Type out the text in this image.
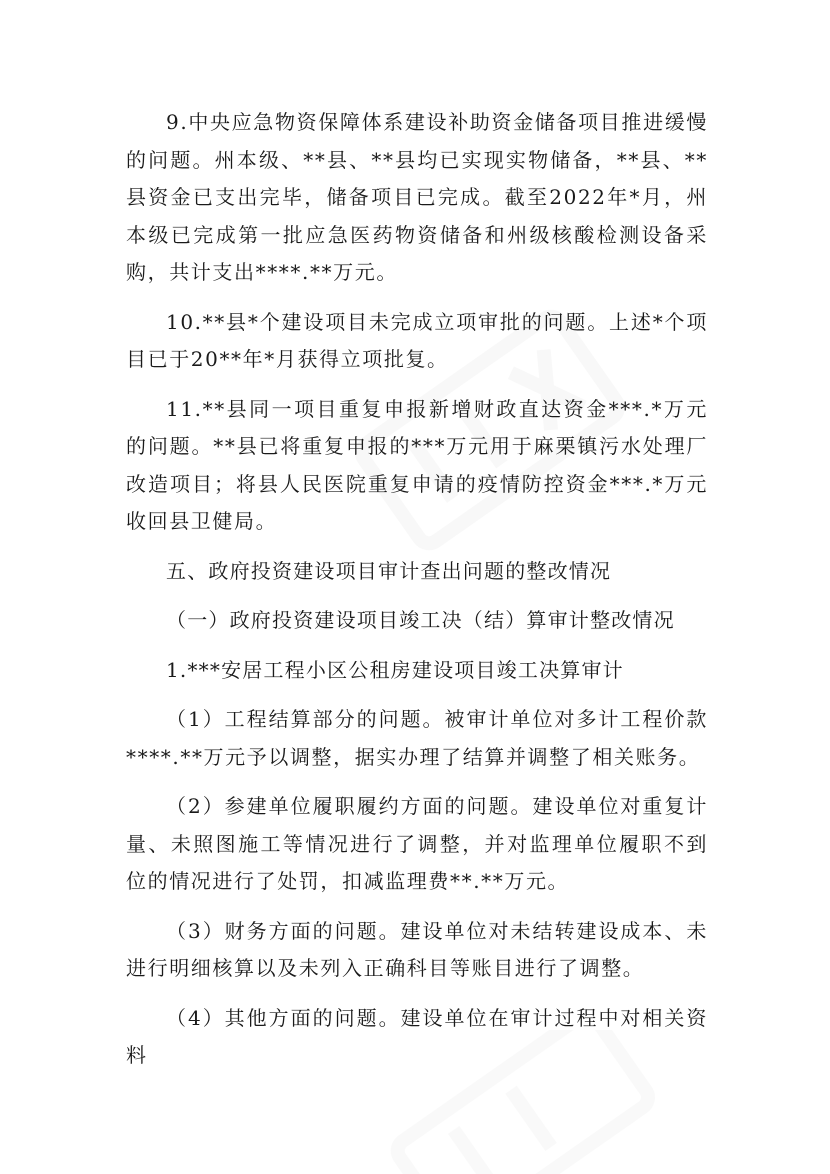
9.中央应急物资保障体系建设补助资金储备项目推进缓慢的问题。州本级、**县、**县均已实现实物储备，**县、**县资金已支出完毕，储备项目已完成。截至2022年*月，州本级已完成第一批应急医药物资储备和州级核酸检测设备采购，共计支出****.**万元。

10.**县*个建设项目未完成立项审批的问题。上述*个项目已于20**年*月获得立项批复。

11.**县同一项目重复申报新增财政直达资金***.*万元的问题。**县已将重复申报的***万元用于麻栗镇污水处理厂改造项目；将县人民医院重复申请的疫情防控资金***.*万元收回县卫健局。

五、政府投资建设项目审计查出问题的整改情况

（一）政府投资建设项目竣工决（结）算审计整改情况

1.***安居工程小区公租房建设项目竣工决算审计

（1）工程结算部分的问题。被审计单位对多计工程价款****.**万元予以调整，据实办理了结算并调整了相关账务。

（2）参建单位履职履约方面的问题。建设单位对重复计量、未照图施工等情况进行了调整，并对监理单位履职不到位的情况进行了处罚，扣减监理费**.**万元。

（3）财务方面的问题。建设单位对未结转建设成本、未进行明细核算以及未列入正确科目等账目进行了调整。

（4）其他方面的问题。建设单位在审计过程中对相关资料
